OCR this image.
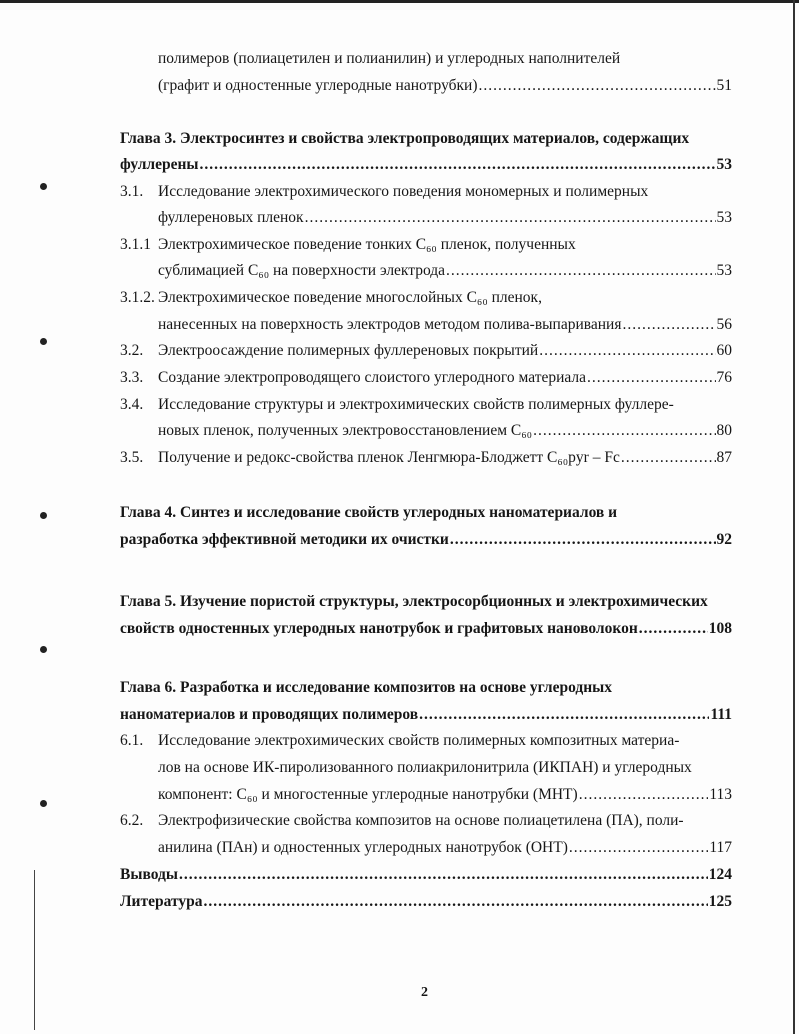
полимеров (полиацетилен и полианилин) и углеродных наполнителей
(графит и одностенные углеродные нанотрубки) .....	51
Глава 3. Электросинтез и свойства электропроводящих материалов, содержащих
фуллерены .....	53
3.1. Исследование электрохимического поведения мономерных и полимерных
фуллереновых пленок .....	53
3.1.1 Электрохимическое поведение тонких C₆₀ пленок, полученных
сублимацией C₆₀ на поверхности электрода .....	53
3.1.2. Электрохимическое поведение многослойных C₆₀ пленок,
нанесенных на поверхность электродов методом полива-выпаривания .....	56
3.2. Электроосаждение полимерных фуллереновых покрытий .....	60
3.3. Создание электропроводящего слоистого углеродного материала .....	76
3.4. Исследование структуры и электрохимических свойств полимерных фуллере-
новых пленок, полученных электровосстановлением C₆₀ .....	80
3.5. Получение и редокс-свойства пленок Ленгмюра-Блоджетт C₆₀pyr – Fc .....	87
Глава 4. Синтез и исследование свойств углеродных наноматериалов и
разработка эффективной методики их очистки .....	92
Глава 5. Изучение пористой структуры, электросорбционных и электрохимических
свойств одностенных углеродных нанотрубок и графитовых нановолокон .....	108
Глава 6. Разработка и исследование композитов на основе углеродных
наноматериалов и проводящих полимеров .....	111
6.1. Исследование электрохимических свойств полимерных композитных материа-
лов на основе ИК-пиролизованного полиакрилонитрила (ИКПАН) и углеродных
компонент: C₆₀ и многостенные углеродные нанотрубки (МНТ) .....	113
6.2. Электрофизические свойства композитов на основе полиацетилена (ПА), поли-
анилина (ПАн) и одностенных углеродных нанотрубок (ОНТ) .....	117
Выводы .....	124
Литература .....	125
2
